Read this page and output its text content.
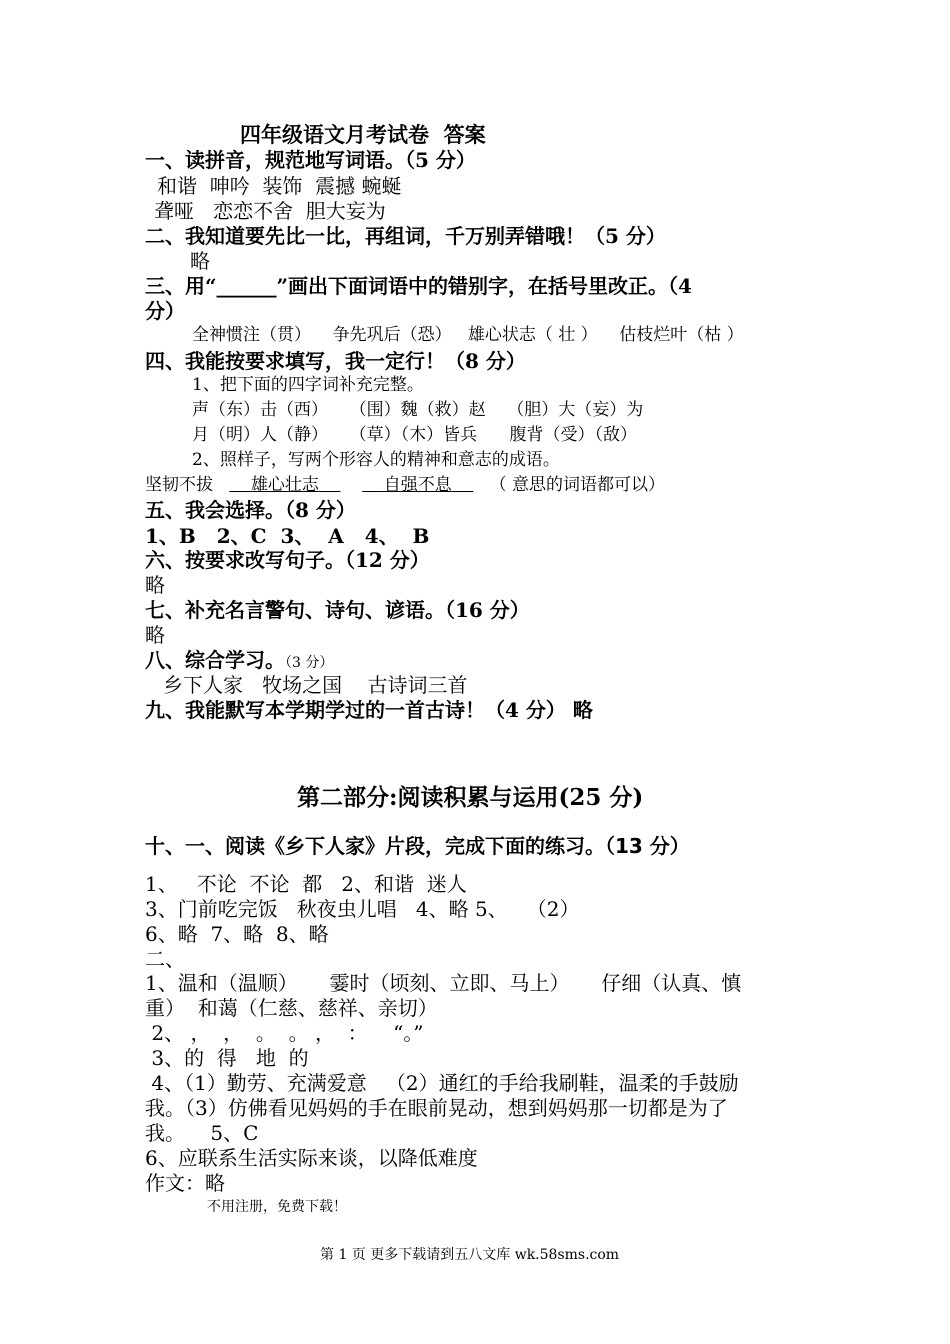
四年级语文月考试卷  答案
一、读拼音，规范地写词语。（5 分）
和谐  呻吟  装饰  震撼 蜿蜒
聋哑   恋恋不舍  胆大妄为
二、我知道要先比一比，再组词，千万别弄错哦！（5 分）
略
三、用“______”画出下面词语中的错别字，在括号里改正。（4
分）
全神惯注（贯）    争先巩后（恐）   雄心状志（ 壮 ）    估枝烂叶（枯 ）
四、我能按要求填写，我一定行！（8 分）
1、把下面的四字词补充完整。
声（东）击（西）    （围）魏（救）赵    （胆）大（妄）为
月（明）人（静）    （草）（木）皆兵      腹背（受）（敌）
2、照样子，写两个形容人的精神和意志的成语。
坚韧不拔 雄心壮志	自强不息 （ 意思的词语都可以）
五、我会选择。（8 分）
1、B   2、C  3、  A   4、  B
六、按要求改写句子。（12 分）
略
七、补充名言警句、诗句、谚语。（16 分）
略
八、综合学习。（3 分）
乡下人家   牧场之国    古诗词三首
九、我能默写本学期学过的一首古诗！（4 分） 略
第二部分:阅读积累与运用(25 分)
十、一、阅读《乡下人家》片段，完成下面的练习。（13 分）
1、   不论  不论  都   2、和谐  迷人
3、门前吃完饭   秋夜虫儿唱   4、略 5、   （2）
6、略  7、略  8、略
二、
1、温和（温顺）     霎时（顷刻、立即、马上）     仔细（认真、慎
重）  和蔼（仁慈、慈祥、亲切）
2、 ，  ，  。  。 ，  ：    “。”
3、的  得   地  的
4、（1）勤劳、充满爱意   （2）通红的手给我刷鞋，温柔的手鼓励
我。（3）仿佛看见妈妈的手在眼前晃动，想到妈妈那一切都是为了
我。    5、C
6、应联系生活实际来谈，以降低难度
作文：略
不用注册，免费下载！
第 1 页 更多下载请到五八文库 wk.58sms.com
